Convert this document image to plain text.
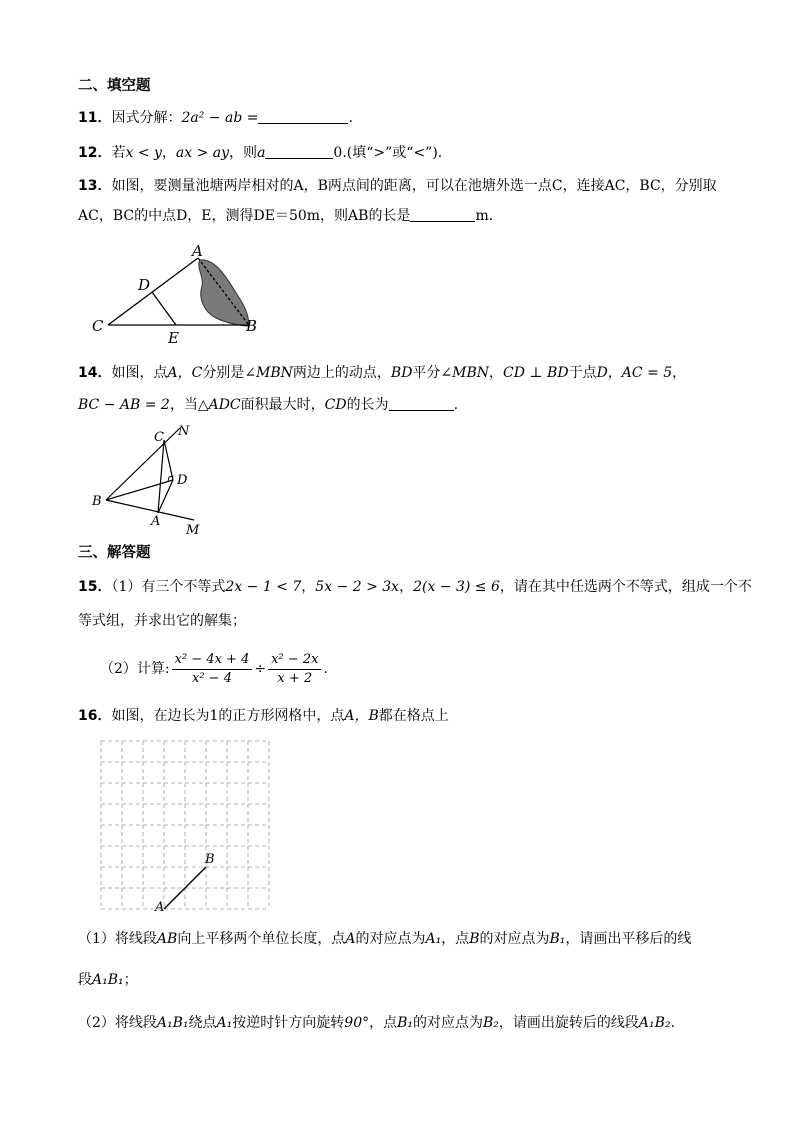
二、填空题
11．因式分解：2a² − ab =	.
12．若x < y，ax > ay，则a	0.(填“>”或“<”).
13．如图，要测量池塘两岸相对的A，B两点间的距离，可以在池塘外选一点C，连接AC，BC，分别取
AC，BC的中点D，E，测得DE＝50m，则AB的长是	m．
A
B
C
D
E
14．如图，点A，C分别是∠MBN两边上的动点，BD平分∠MBN，CD ⊥ BD于点D，AC = 5，
BC − AB = 2，当△ADC面积最大时，CD的长为	.
N
C
D
B
A
M
三、解答题
15．（1）有三个不等式2x − 1 < 7，5x − 2 > 3x，2(x − 3) ≤ 6，请在其中任选两个不等式，组成一个不
等式组，并求出它的解集；
（2）计算: $\frac{\text{x² − 4x + 4}}{\text{x² − 4}} \div \frac{\text{x² − 2x}}{x + 2}$ .
16．如图，在边长为1的正方形网格中，点A，B都在格点上
A
B
（1）将线段AB向上平移两个单位长度，点A的对应点为A₁，点B的对应点为B₁，请画出平移后的线
段A₁B₁；
（2）将线段A₁B₁绕点A₁按逆时针方向旋转90°，点B₁的对应点为B₂，请画出旋转后的线段A₁B₂.
